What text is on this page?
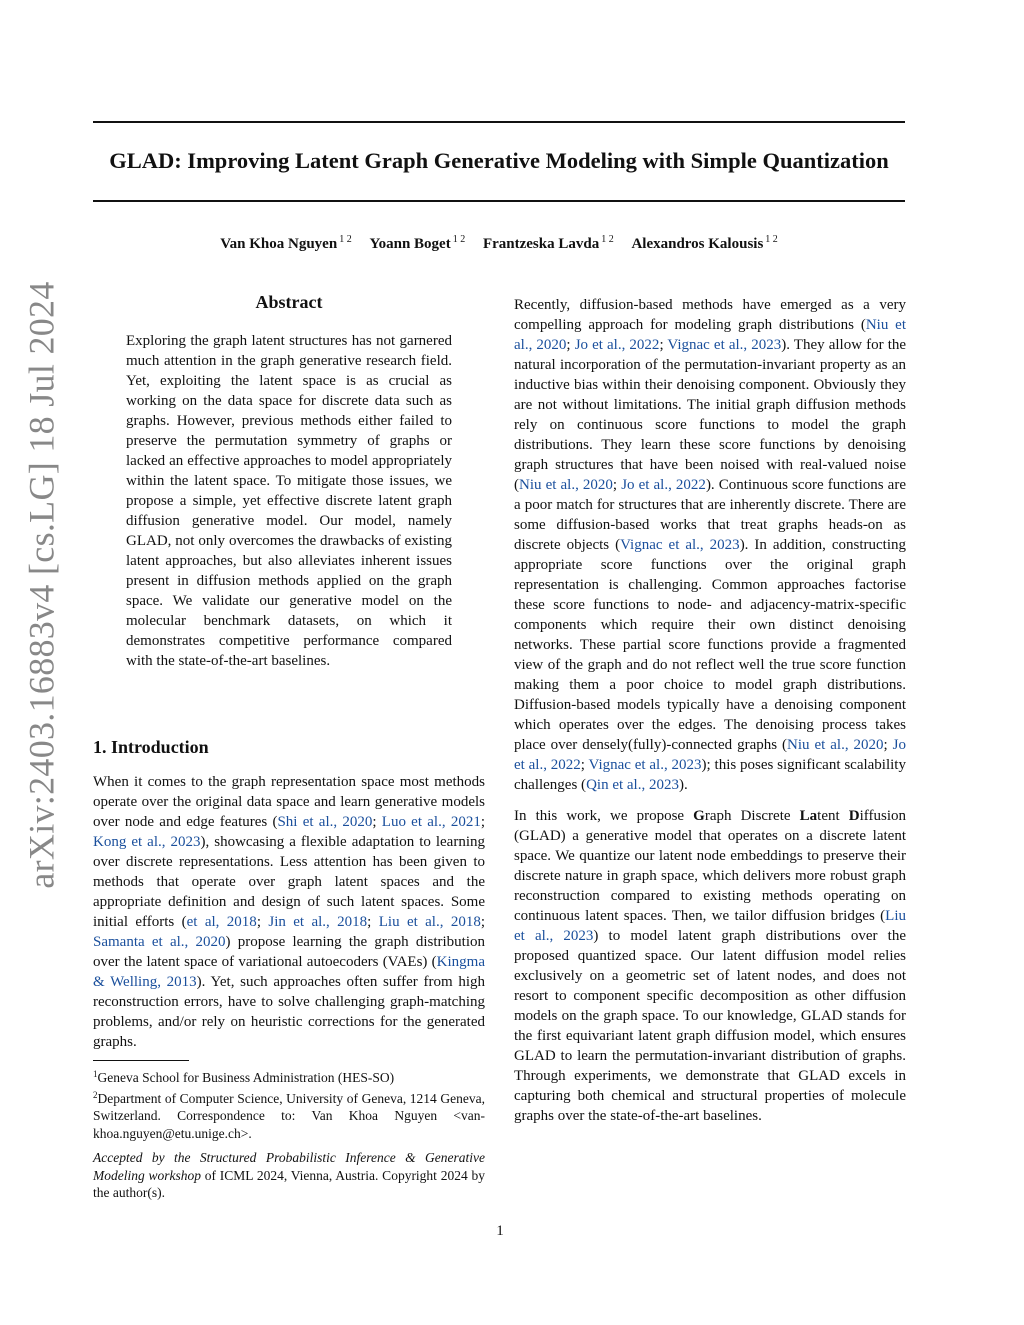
GLAD: Improving Latent Graph Generative Modeling with Simple Quantization
Van Khoa Nguyen $^{1 2}$ Yoann Boget $^{1 2}$ Frantzeska Lavda $^{1 2}$ Alexandros Kalousis $^{1 2}$
arXiv:2403.16883v4 [cs.LG] 18 Jul 2024	Abstract

Exploring the graph latent structures has not garnered much attention in the graph generative research field. Yet, exploiting the latent space is as crucial as working on the data space for discrete data such as graphs. However, previous methods either failed to preserve the permutation symmetry of graphs or lacked an effective approaches to model appropriately within the latent space. To mitigate those issues, we propose a simple, yet effective discrete latent graph diffusion generative model. Our model, namely GLAD, not only overcomes the drawbacks of existing latent approaches, but also alleviates inherent issues present in diffusion methods applied on the graph space. We validate our generative model on the molecular benchmark datasets, on which it demonstrates competitive performance compared with the state-of-the-art baselines.

1. Introduction

When it comes to the graph representation space most methods operate over the original data space and learn generative models over node and edge features (Shi et al., 2020; Luo et al., 2021; Kong et al., 2023), showcasing a flexible adaptation to learning over discrete representations. Less attention has been given to methods that operate over graph latent spaces and the appropriate definition and design of such latent spaces. Some initial efforts (et al, 2018; Jin et al., 2018; Liu et al., 2018; Samanta et al., 2020) propose learning the graph distribution over the latent space of variational autoecoders (VAEs) (Kingma & Welling, 2013). Yet, such approaches often suffer from high reconstruction errors, have to solve challenging graph-matching problems, and/or rely on heuristic corrections for the generated graphs.

$^1$Geneva School for Business Administration (HES-SO)

$^2$Department of Computer Science, University of Geneva, 1214 Geneva, Switzerland. Correspondence to: Van Khoa Nguyen <van-khoa.nguyen@etu.unige.ch>.

Accepted by the Structured Probabilistic Inference & Generative Modeling workshop of ICML 2024, Vienna, Austria. Copyright 2024 by the author(s).

Recently, diffusion-based methods have emerged as a very compelling approach for modeling graph distributions (Niu et al., 2020; Jo et al., 2022; Vignac et al., 2023). They allow for the natural incorporation of the permutation-invariant property as an inductive bias within their denoising component. Obviously they are not without limitations. The initial graph diffusion methods rely on continuous score functions to model the graph distributions. They learn these score functions by denoising graph structures that have been noised with real-valued noise (Niu et al., 2020; Jo et al., 2022). Continuous score functions are a poor match for structures that are inherently discrete. There are some diffusion-based works that treat graphs heads-on as discrete objects (Vignac et al., 2023). In addition, constructing appropriate score functions over the original graph representation is challenging. Common approaches factorise these score functions to node- and adjacency-matrix-specific components which require their own distinct denoising networks. These partial score functions provide a fragmented view of the graph and do not reflect well the true score function making them a poor choice to model graph distributions. Diffusion-based models typically have a denoising component which operates over the edges. The denoising process takes place over densely(fully)-connected graphs (Niu et al., 2020; Jo et al., 2022; Vignac et al., 2023); this poses significant scalability challenges (Qin et al., 2023).

In this work, we propose Graph Discrete Latent Diffusion (GLAD) a generative model that operates on a discrete latent space. We quantize our latent node embeddings to preserve their discrete nature in graph space, which delivers more robust graph reconstruction compared to existing methods operating on continuous latent spaces. Then, we tailor diffusion bridges (Liu et al., 2023) to model latent graph distributions over the proposed quantized space. Our latent diffusion model relies exclusively on a geometric set of latent nodes, and does not resort to component specific decomposition as other diffusion models on the graph space. To our knowledge, GLAD stands for the first equivariant latent graph diffusion model, which ensures GLAD to learn the permutation-invariant distribution of graphs. Through experiments, we demonstrate that GLAD excels in capturing both chemical and structural properties of molecule graphs over the state-of-the-art baselines.

1
